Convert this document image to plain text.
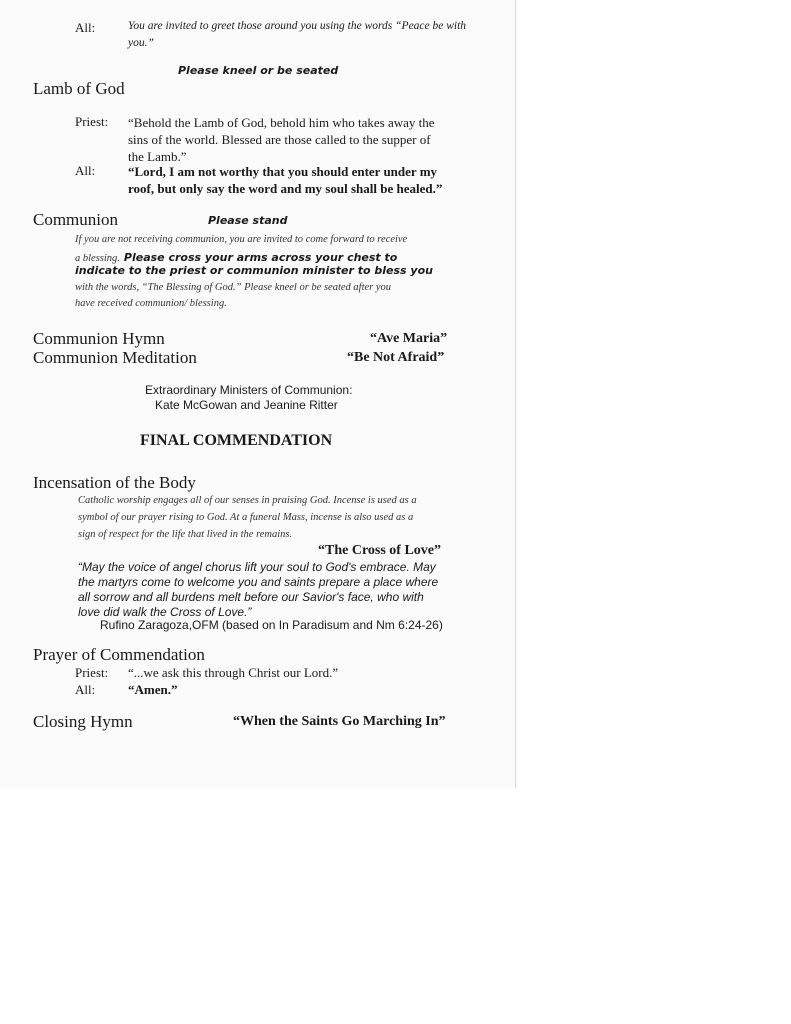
All:	You are invited to greet those around you using the words “Peace be with
you.”
Please kneel or be seated
Lamb of God
Priest: “Behold the Lamb of God, behold him who takes away the
sins of the world. Blessed are those called to the supper of
the Lamb.”
All:	“Lord, I am not worthy that you should enter under my
roof, but only say the word and my soul shall be healed.”
Communion	Please stand
If you are not receiving communion, you are invited to come forward to receive
a blessing. Please cross your arms across your chest to
indicate to the priest or communion minister to bless you
with the words, “The Blessing of God.” Please kneel or be seated after you
have received communion/ blessing.
Communion Hymn	“Ave Maria”
Communion Meditation	“Be Not Afraid”
Extraordinary Ministers of Communion:
Kate McGowan and Jeanine Ritter
FINAL COMMENDATION
Incensation of the Body
Catholic worship engages all of our senses in praising God. Incense is used as a
symbol of our prayer rising to God. At a funeral Mass, incense is also used as a
sign of respect for the life that lived in the remains.
“The Cross of Love”
“May the voice of angel chorus lift your soul to God's embrace. May
the martyrs come to welcome you and saints prepare a place where
all sorrow and all burdens melt before our Savior's face, who with
love did walk the Cross of Love.”
Rufino Zaragoza,OFM (based on In Paradisum and Nm 6:24-26)
Prayer of Commendation
Priest: “...we ask this through Christ our Lord.”
All:	“Amen.”
Closing Hymn	“When the Saints Go Marching In”
